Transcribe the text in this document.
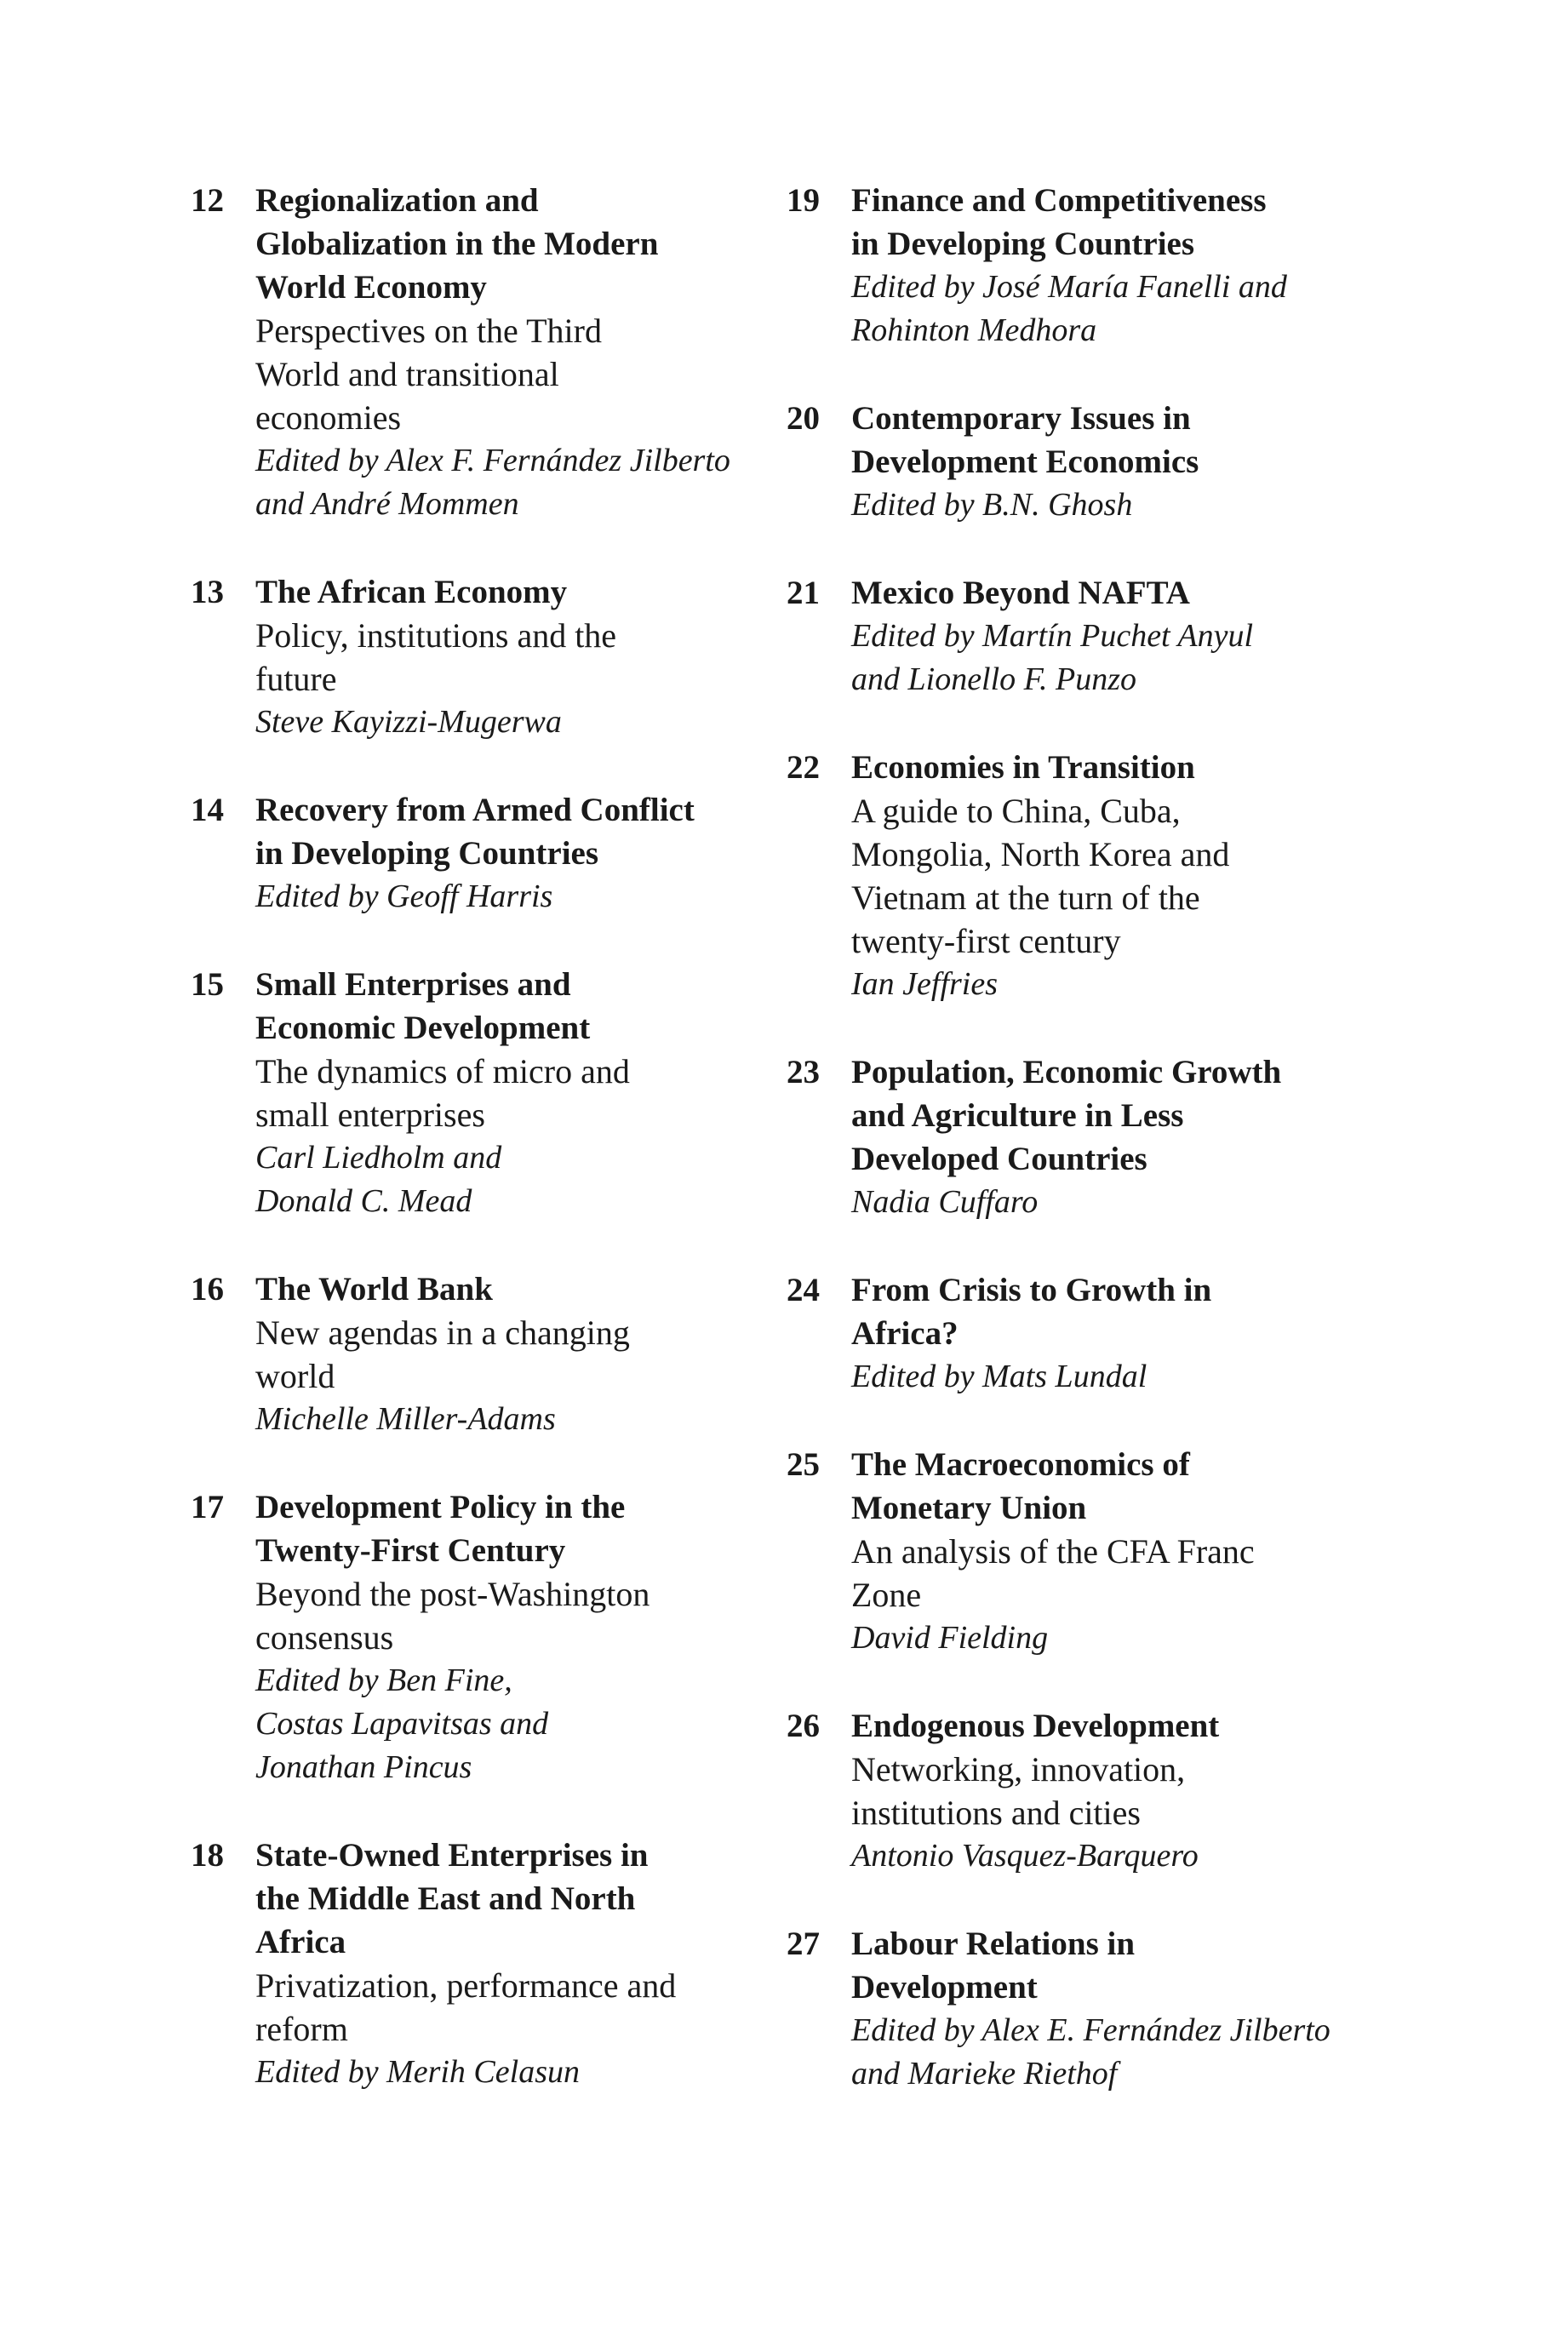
12 Regionalization and
Globalization in the Modern
World Economy
Perspectives on the Third
World and transitional
economies
Edited by Alex F. Fernández Jilberto
and André Mommen
13 The African Economy
Policy, institutions and the
future
Steve Kayizzi-Mugerwa
14 Recovery from Armed Conflict
in Developing Countries
Edited by Geoff Harris
15 Small Enterprises and
Economic Development
The dynamics of micro and
small enterprises
Carl Liedholm and
Donald C. Mead
16 The World Bank
New agendas in a changing
world
Michelle Miller-Adams
17 Development Policy in the
Twenty-First Century
Beyond the post-Washington
consensus
Edited by Ben Fine,
Costas Lapavitsas and
Jonathan Pincus
18 State-Owned Enterprises in
the Middle East and North
Africa
Privatization, performance and
reform
Edited by Merih Celasun
19 Finance and Competitiveness
in Developing Countries
Edited by José María Fanelli and
Rohinton Medhora
20 Contemporary Issues in
Development Economics
Edited by B.N. Ghosh
21 Mexico Beyond NAFTA
Edited by Martín Puchet Anyul
and Lionello F. Punzo
22 Economies in Transition
A guide to China, Cuba,
Mongolia, North Korea and
Vietnam at the turn of the
twenty-first century
Ian Jeffries
23 Population, Economic Growth
and Agriculture in Less
Developed Countries
Nadia Cuffaro
24 From Crisis to Growth in
Africa?
Edited by Mats Lundal
25 The Macroeconomics of
Monetary Union
An analysis of the CFA Franc
Zone
David Fielding
26 Endogenous Development
Networking, innovation,
institutions and cities
Antonio Vasquez-Barquero
27 Labour Relations in
Development
Edited by Alex E. Fernández Jilberto
and Marieke Riethof
